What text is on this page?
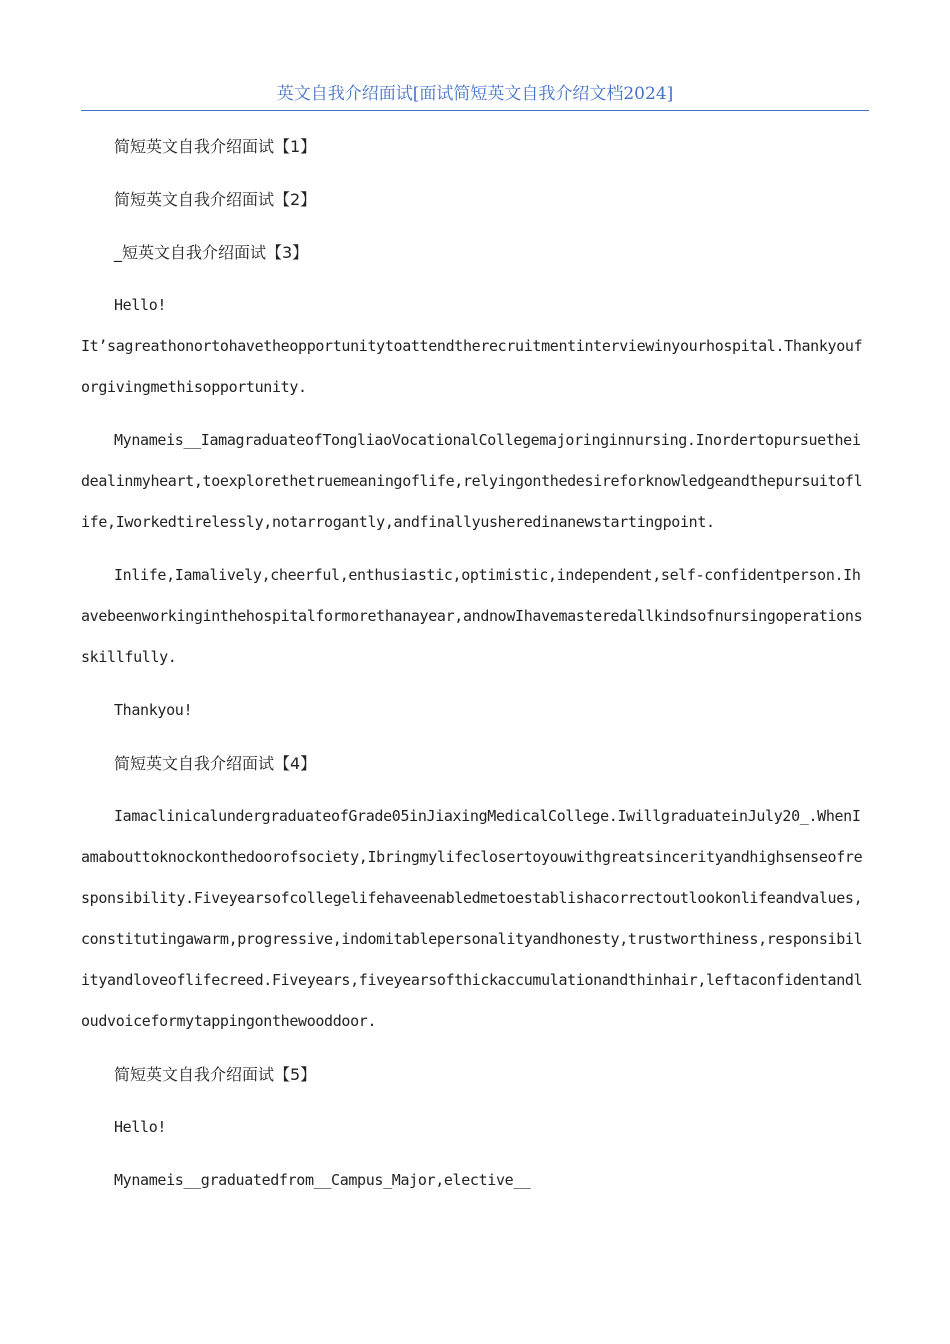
英文自我介绍面试[面试简短英文自我介绍文档2024]

简短英文自我介绍面试【1】

简短英文自我介绍面试【2】

_短英文自我介绍面试【3】

Hello!

It’sagreathonortohavetheopportunitytoattendtherecruitmentinterviewinyourhospital.Thankyouforgivingmethisopportunity.

Mynameis__IamagraduateofTongliaoVocationalCollegemajoringinnursing.Inordertopursuetheidealinmyheart,toexplorethetruemeaningoflife,relyingonthedesireforknowledgeandthepursuitoflife,Iworkedtirelessly,notarrogantly,andfinallyusheredinanewstartingpoint.

Inlife,Iamalively,cheerful,enthusiastic,optimistic,independent,self-confidentperson.Ihavebeenworkinginthehospitalformorethanayear,andnowIhavemasteredallkindsofnursingoperationsskillfully.

Thankyou!

简短英文自我介绍面试【4】

IamaclinicalundergraduateofGrade05inJiaxingMedicalCollege.IwillgraduateinJuly20_.WhenIamabouttoknockonthedoorofsociety,Ibringmylifeclosertoyouwithgreatsincerityandhighsenseofresponsibility.Fiveyearsofcollegelifehaveenabledmetoestablishacorrectoutlookonlifeandvalues,constitutingawarm,progressive,indomitablepersonalityandhonesty,trustworthiness,responsibilityandloveoflifecreed.Fiveyears,fiveyearsofthickaccumulationandthinhair,leftaconfidentandloudvoiceformytappingonthewooddoor.

简短英文自我介绍面试【5】

Hello!

Mynameis__graduatedfrom__Campus_Major,elective__
